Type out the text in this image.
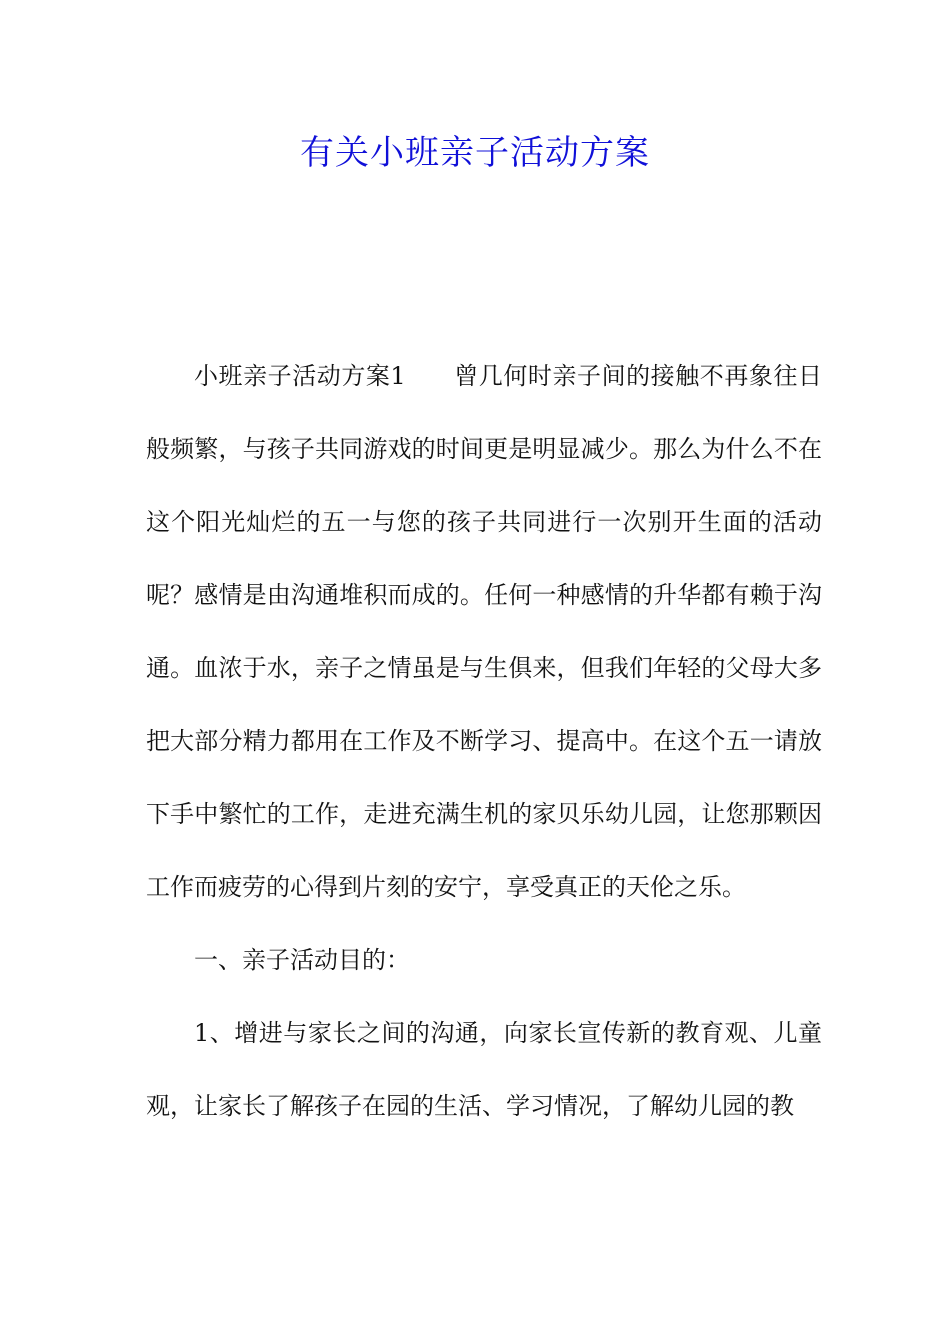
有关小班亲子活动方案

小班亲子活动方案1 曾几何时亲子间的接触不再象往日般频繁，与孩子共同游戏的时间更是明显减少。那么为什么不在这个阳光灿烂的五一与您的孩子共同进行一次别开生面的活动呢？感情是由沟通堆积而成的。任何一种感情的升华都有赖于沟通。血浓于水，亲子之情虽是与生俱来，但我们年轻的父母大多把大部分精力都用在工作及不断学习、提高中。在这个五一请放下手中繁忙的工作，走进充满生机的家贝乐幼儿园，让您那颗因工作而疲劳的心得到片刻的安宁，享受真正的天伦之乐。

一、亲子活动目的：

1、增进与家长之间的沟通，向家长宣传新的教育观、儿童观，让家长了解孩子在园的生活、学习情况，了解幼儿园的教
